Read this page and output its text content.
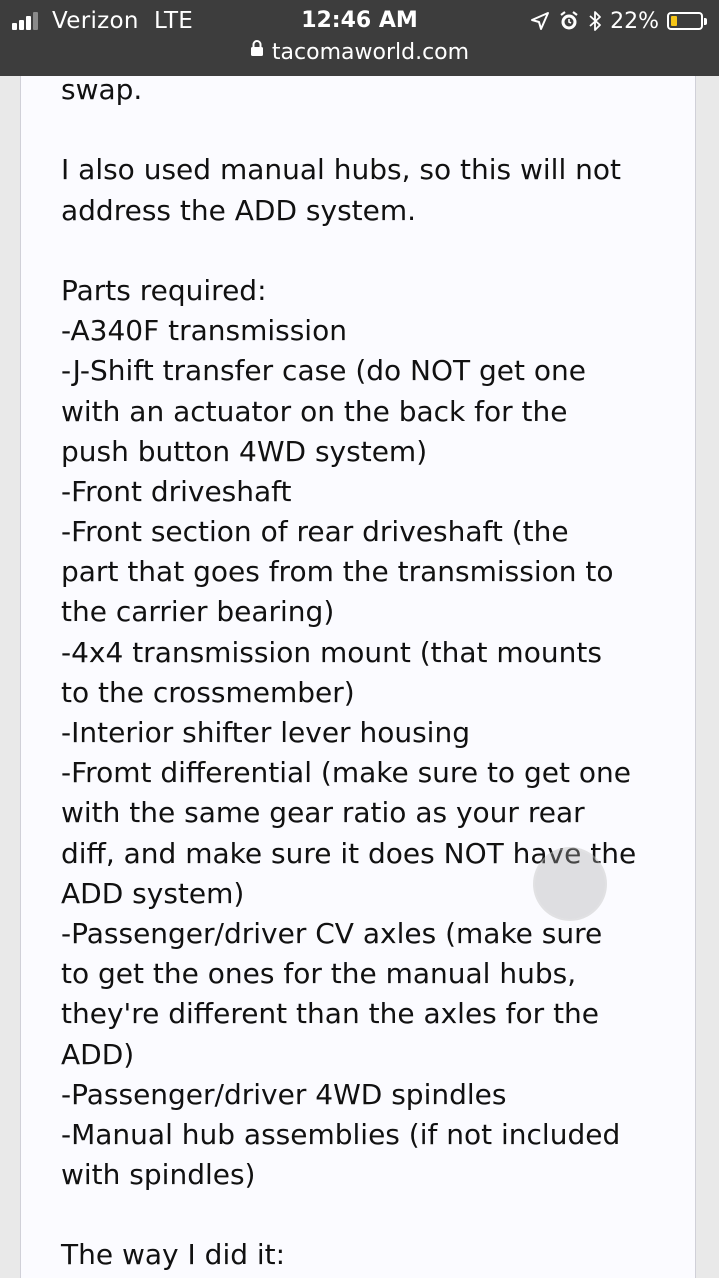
Verizon LTE	12:46 AM	22%
tacomaworld.com
swap.
I also used manual hubs, so this will not
address the ADD system.
Parts required:
-A340F transmission
-J-Shift transfer case (do NOT get one
with an actuator on the back for the
push button 4WD system)
-Front driveshaft
-Front section of rear driveshaft (the
part that goes from the transmission to
the carrier bearing)
-4x4 transmission mount (that mounts
to the crossmember)
-Interior shifter lever housing
-Fromt differential (make sure to get one
with the same gear ratio as your rear
diff, and make sure it does NOT have the
ADD system)
-Passenger/driver CV axles (make sure
to get the ones for the manual hubs,
they're different than the axles for the
ADD)
-Passenger/driver 4WD spindles
-Manual hub assemblies (if not included
with spindles)
The way I did it:
